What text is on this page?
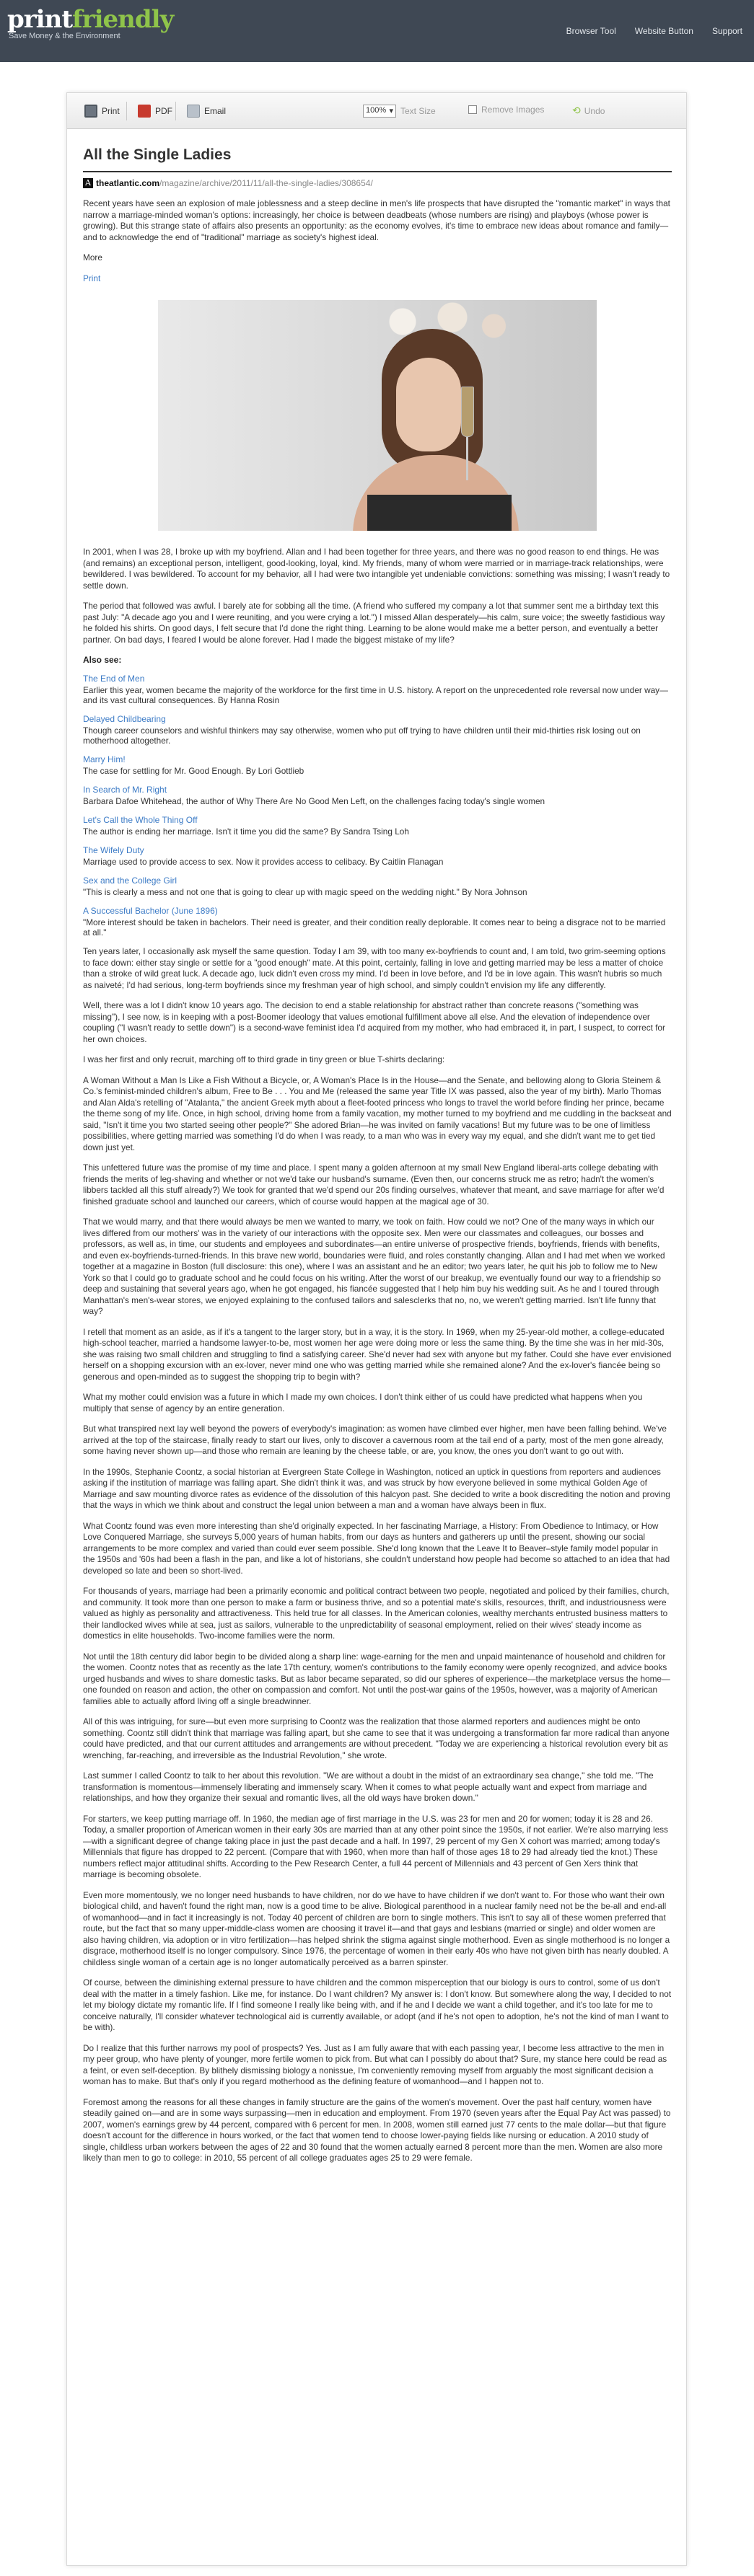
printfriendly
Save Money & the Environment	Browser Tool Website Button Support
Print	PDF	Email	100% ▾ Text Size	Remove Images	⟲ Undo
All the Single Ladies
A theatlantic.com /magazine/archive/2011/11/all-the-single-ladies/308654/

Recent years have seen an explosion of male joblessness and a steep decline in men's life prospects that have disrupted the "romantic market" in ways that narrow a marriage-minded woman's options: increasingly, her choice is between deadbeats (whose numbers are rising) and playboys (whose power is growing). But this strange state of affairs also presents an opportunity: as the economy evolves, it's time to embrace new ideas about romance and family—and to acknowledge the end of "traditional" marriage as society's highest ideal.

More

Print

In 2001, when I was 28, I broke up with my boyfriend. Allan and I had been together for three years, and there was no good reason to end things. He was (and remains) an exceptional person, intelligent, good-looking, loyal, kind. My friends, many of whom were married or in marriage-track relationships, were bewildered. I was bewildered. To account for my behavior, all I had were two intangible yet undeniable convictions: something was missing; I wasn't ready to settle down.

The period that followed was awful. I barely ate for sobbing all the time. (A friend who suffered my company a lot that summer sent me a birthday text this past July: "A decade ago you and I were reuniting, and you were crying a lot.") I missed Allan desperately—his calm, sure voice; the sweetly fastidious way he folded his shirts. On good days, I felt secure that I'd done the right thing. Learning to be alone would make me a better person, and eventually a better partner. On bad days, I feared I would be alone forever. Had I made the biggest mistake of my life?

Also see:
The End of Men
Earlier this year, women became the majority of the workforce for the first time in U.S. history. A report on the unprecedented role reversal now under way—and its vast cultural consequences. By Hanna Rosin
Delayed Childbearing
Though career counselors and wishful thinkers may say otherwise, women who put off trying to have children until their mid-thirties risk losing out on motherhood altogether.
Marry Him!
The case for settling for Mr. Good Enough. By Lori Gottlieb
In Search of Mr. Right
Barbara Dafoe Whitehead, the author of Why There Are No Good Men Left, on the challenges facing today's single women
Let's Call the Whole Thing Off
The author is ending her marriage. Isn't it time you did the same? By Sandra Tsing Loh
The Wifely Duty
Marriage used to provide access to sex. Now it provides access to celibacy. By Caitlin Flanagan
Sex and the College Girl
"This is clearly a mess and not one that is going to clear up with magic speed on the wedding night." By Nora Johnson
A Successful Bachelor (June 1896)
"More interest should be taken in bachelors. Their need is greater, and their condition really deplorable. It comes near to being a disgrace not to be married at all."

Ten years later, I occasionally ask myself the same question. Today I am 39, with too many ex-boyfriends to count and, I am told, two grim-seeming options to face down: either stay single or settle for a "good enough" mate. At this point, certainly, falling in love and getting married may be less a matter of choice than a stroke of wild great luck. A decade ago, luck didn't even cross my mind. I'd been in love before, and I'd be in love again. This wasn't hubris so much as naiveté; I'd had serious, long-term boyfriends since my freshman year of high school, and simply couldn't envision my life any differently.

Well, there was a lot I didn't know 10 years ago. The decision to end a stable relationship for abstract rather than concrete reasons ("something was missing"), I see now, is in keeping with a post-Boomer ideology that values emotional fulfillment above all else. And the elevation of independence over coupling ("I wasn't ready to settle down") is a second-wave feminist idea I'd acquired from my mother, who had embraced it, in part, I suspect, to correct for her own choices.

I was her first and only recruit, marching off to third grade in tiny green or blue T-shirts declaring:

A Woman Without a Man Is Like a Fish Without a Bicycle, or, A Woman's Place Is in the House—and the Senate, and bellowing along to Gloria Steinem & Co.'s feminist-minded children's album, Free to Be . . . You and Me (released the same year Title IX was passed, also the year of my birth). Marlo Thomas and Alan Alda's retelling of "Atalanta," the ancient Greek myth about a fleet-footed princess who longs to travel the world before finding her prince, became the theme song of my life. Once, in high school, driving home from a family vacation, my mother turned to my boyfriend and me cuddling in the backseat and said, "Isn't it time you two started seeing other people?" She adored Brian—he was invited on family vacations! But my future was to be one of limitless possibilities, where getting married was something I'd do when I was ready, to a man who was in every way my equal, and she didn't want me to get tied down just yet.

This unfettered future was the promise of my time and place. I spent many a golden afternoon at my small New England liberal-arts college debating with friends the merits of leg-shaving and whether or not we'd take our husband's surname. (Even then, our concerns struck me as retro; hadn't the women's libbers tackled all this stuff already?) We took for granted that we'd spend our 20s finding ourselves, whatever that meant, and save marriage for after we'd finished graduate school and launched our careers, which of course would happen at the magical age of 30.

That we would marry, and that there would always be men we wanted to marry, we took on faith. How could we not? One of the many ways in which our lives differed from our mothers' was in the variety of our interactions with the opposite sex. Men were our classmates and colleagues, our bosses and professors, as well as, in time, our students and employees and subordinates—an entire universe of prospective friends, boyfriends, friends with benefits, and even ex-boyfriends-turned-friends. In this brave new world, boundaries were fluid, and roles constantly changing. Allan and I had met when we worked together at a magazine in Boston (full disclosure: this one), where I was an assistant and he an editor; two years later, he quit his job to follow me to New York so that I could go to graduate school and he could focus on his writing. After the worst of our breakup, we eventually found our way to a friendship so deep and sustaining that several years ago, when he got engaged, his fiancée suggested that I help him buy his wedding suit. As he and I toured through Manhattan's men's-wear stores, we enjoyed explaining to the confused tailors and salesclerks that no, no, we weren't getting married. Isn't life funny that way?

I retell that moment as an aside, as if it's a tangent to the larger story, but in a way, it is the story. In 1969, when my 25-year-old mother, a college-educated high-school teacher, married a handsome lawyer-to-be, most women her age were doing more or less the same thing. By the time she was in her mid-30s, she was raising two small children and struggling to find a satisfying career. She'd never had sex with anyone but my father. Could she have ever envisioned herself on a shopping excursion with an ex-lover, never mind one who was getting married while she remained alone? And the ex-lover's fiancée being so generous and open-minded as to suggest the shopping trip to begin with?

What my mother could envision was a future in which I made my own choices. I don't think either of us could have predicted what happens when you multiply that sense of agency by an entire generation.

But what transpired next lay well beyond the powers of everybody's imagination: as women have climbed ever higher, men have been falling behind. We've arrived at the top of the staircase, finally ready to start our lives, only to discover a cavernous room at the tail end of a party, most of the men gone already, some having never shown up—and those who remain are leaning by the cheese table, or are, you know, the ones you don't want to go out with.

In the 1990s, Stephanie Coontz, a social historian at Evergreen State College in Washington, noticed an uptick in questions from reporters and audiences asking if the institution of marriage was falling apart. She didn't think it was, and was struck by how everyone believed in some mythical Golden Age of Marriage and saw mounting divorce rates as evidence of the dissolution of this halcyon past. She decided to write a book discrediting the notion and proving that the ways in which we think about and construct the legal union between a man and a woman have always been in flux.

What Coontz found was even more interesting than she'd originally expected. In her fascinating Marriage, a History: From Obedience to Intimacy, or How Love Conquered Marriage, she surveys 5,000 years of human habits, from our days as hunters and gatherers up until the present, showing our social arrangements to be more complex and varied than could ever seem possible. She'd long known that the Leave It to Beaver–style family model popular in the 1950s and '60s had been a flash in the pan, and like a lot of historians, she couldn't understand how people had become so attached to an idea that had developed so late and been so short-lived.

For thousands of years, marriage had been a primarily economic and political contract between two people, negotiated and policed by their families, church, and community. It took more than one person to make a farm or business thrive, and so a potential mate's skills, resources, thrift, and industriousness were valued as highly as personality and attractiveness. This held true for all classes. In the American colonies, wealthy merchants entrusted business matters to their landlocked wives while at sea, just as sailors, vulnerable to the unpredictability of seasonal employment, relied on their wives' steady income as domestics in elite households. Two-income families were the norm.

Not until the 18th century did labor begin to be divided along a sharp line: wage-earning for the men and unpaid maintenance of household and children for the women. Coontz notes that as recently as the late 17th century, women's contributions to the family economy were openly recognized, and advice books urged husbands and wives to share domestic tasks. But as labor became separated, so did our spheres of experience—the marketplace versus the home—one founded on reason and action, the other on compassion and comfort. Not until the post-war gains of the 1950s, however, was a majority of American families able to actually afford living off a single breadwinner.

All of this was intriguing, for sure—but even more surprising to Coontz was the realization that those alarmed reporters and audiences might be onto something. Coontz still didn't think that marriage was falling apart, but she came to see that it was undergoing a transformation far more radical than anyone could have predicted, and that our current attitudes and arrangements are without precedent. "Today we are experiencing a historical revolution every bit as wrenching, far-reaching, and irreversible as the Industrial Revolution," she wrote.

Last summer I called Coontz to talk to her about this revolution. "We are without a doubt in the midst of an extraordinary sea change," she told me. "The transformation is momentous—immensely liberating and immensely scary. When it comes to what people actually want and expect from marriage and relationships, and how they organize their sexual and romantic lives, all the old ways have broken down."

For starters, we keep putting marriage off. In 1960, the median age of first marriage in the U.S. was 23 for men and 20 for women; today it is 28 and 26. Today, a smaller proportion of American women in their early 30s are married than at any other point since the 1950s, if not earlier. We're also marrying less—with a significant degree of change taking place in just the past decade and a half. In 1997, 29 percent of my Gen X cohort was married; among today's Millennials that figure has dropped to 22 percent. (Compare that with 1960, when more than half of those ages 18 to 29 had already tied the knot.) These numbers reflect major attitudinal shifts. According to the Pew Research Center, a full 44 percent of Millennials and 43 percent of Gen Xers think that marriage is becoming obsolete.

Even more momentously, we no longer need husbands to have children, nor do we have to have children if we don't want to. For those who want their own biological child, and haven't found the right man, now is a good time to be alive. Biological parenthood in a nuclear family need not be the be-all and end-all of womanhood—and in fact it increasingly is not. Today 40 percent of children are born to single mothers. This isn't to say all of these women preferred that route, but the fact that so many upper-middle-class women are choosing it travel it—and that gays and lesbians (married or single) and older women are also having children, via adoption or in vitro fertilization—has helped shrink the stigma against single motherhood. Even as single motherhood is no longer a disgrace, motherhood itself is no longer compulsory. Since 1976, the percentage of women in their early 40s who have not given birth has nearly doubled. A childless single woman of a certain age is no longer automatically perceived as a barren spinster.

Of course, between the diminishing external pressure to have children and the common misperception that our biology is ours to control, some of us don't deal with the matter in a timely fashion. Like me, for instance. Do I want children? My answer is: I don't know. But somewhere along the way, I decided to not let my biology dictate my romantic life. If I find someone I really like being with, and if he and I decide we want a child together, and it's too late for me to conceive naturally, I'll consider whatever technological aid is currently available, or adopt (and if he's not open to adoption, he's not the kind of man I want to be with).

Do I realize that this further narrows my pool of prospects? Yes. Just as I am fully aware that with each passing year, I become less attractive to the men in my peer group, who have plenty of younger, more fertile women to pick from. But what can I possibly do about that? Sure, my stance here could be read as a feint, or even self-deception. By blithely dismissing biology a nonissue, I'm conveniently removing myself from arguably the most significant decision a woman has to make. But that's only if you regard motherhood as the defining feature of womanhood—and I happen not to.

Foremost among the reasons for all these changes in family structure are the gains of the women's movement. Over the past half century, women have steadily gained on—and are in some ways surpassing—men in education and employment. From 1970 (seven years after the Equal Pay Act was passed) to 2007, women's earnings grew by 44 percent, compared with 6 percent for men. In 2008, women still earned just 77 cents to the male dollar—but that figure doesn't account for the difference in hours worked, or the fact that women tend to choose lower-paying fields like nursing or education. A 2010 study of single, childless urban workers between the ages of 22 and 30 found that the women actually earned 8 percent more than the men. Women are also more likely than men to go to college: in 2010, 55 percent of all college graduates ages 25 to 29 were female.
